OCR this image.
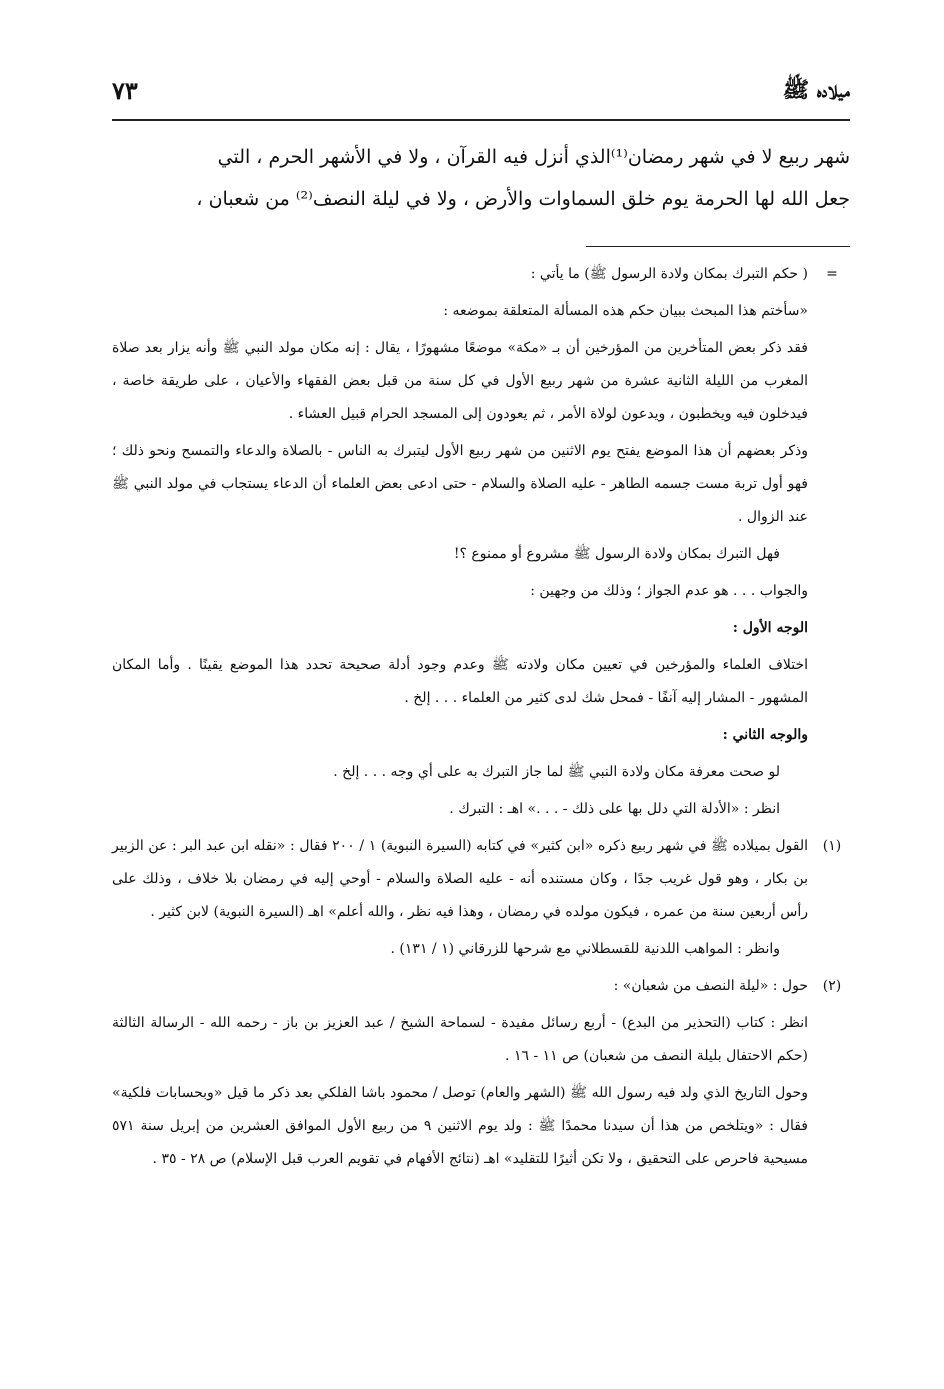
ميلاده ﷺ
٧٣

شهر ربيع لا في شهر رمضان⁽¹⁾الذي أنزل فيه القرآن ، ولا في الأشهر الحرم ، التي

جعل الله لها الحرمة يوم خلق السماوات والأرض ، ولا في ليلة النصف⁽²⁾ من شعبان ،

=

( حكم التبرك بمكان ولادة الرسول ﷺ) ما يأتي :

«سأختم هذا المبحث ببيان حكم هذه المسألة المتعلقة بموضعه :

فقد ذكر بعض المتأخرين من المؤرخين أن بـ «مكة» موضعًا مشهورًا ، يقال : إنه مكان مولد النبي ﷺ وأنه يزار بعد صلاة المغرب من الليلة الثانية عشرة من شهر ربيع الأول في كل سنة من قبل بعض الفقهاء والأعيان ، على طريقة خاصة ، فيدخلون فيه ويخطبون ، ويدعون لولاة الأمر ، ثم يعودون إلى المسجد الحرام قبيل العشاء .

وذكر بعضهم أن هذا الموضع يفتح يوم الاثنين من شهر ربيع الأول ليتبرك به الناس - بالصلاة والدعاء والتمسح ونحو ذلك ؛ فهو أول تربة مست جسمه الطاهر - عليه الصلاة والسلام - حتى ادعى بعض العلماء أن الدعاء يستجاب في مولد النبي ﷺ عند الزوال .

فهل التبرك بمكان ولادة الرسول ﷺ مشروع أو ممنوع ؟!

والجواب . . . هو عدم الجواز ؛ وذلك من وجهين :

الوجه الأول :

اختلاف العلماء والمؤرخين في تعيين مكان ولادته ﷺ وعدم وجود أدلة صحيحة تحدد هذا الموضع يقينًا . وأما المكان المشهور - المشار إليه آنفًا - فمحل شك لدى كثير من العلماء . . . إلخ .

والوجه الثاني :

لو صحت معرفة مكان ولادة النبي ﷺ لما جاز التبرك به على أي وجه . . . إلخ .

انظر : «الأدلة التي دلل بها على ذلك - . . .» اهـ : التبرك .

(١)

القول بميلاده ﷺ في شهر ربيع ذكره «ابن كثير» في كتابه (السيرة النبوية) ١ / ٢٠٠ فقال : «نقله ابن عبد البر : عن الزبير بن بكار ، وهو قول غريب جدًا ، وكان مستنده أنه - عليه الصلاة والسلام - أوحي إليه في رمضان بلا خلاف ، وذلك على رأس أربعين سنة من عمره ، فيكون مولده في رمضان ، وهذا فيه نظر ، والله أعلم» اهـ (السيرة النبوية) لابن كثير .

وانظر : المواهب اللدنية للقسطلاني مع شرحها للزرقاني (١ / ١٣١) .

(٢)

حول : «ليلة النصف من شعبان» :

انظر : كتاب (التحذير من البدع) - أربع رسائل مفيدة - لسماحة الشيخ / عبد العزيز بن باز - رحمه الله - الرسالة الثالثة (حكم الاحتفال بليلة النصف من شعبان) ص ١١ - ١٦ .

وحول التاريخ الذي ولد فيه رسول الله ﷺ (الشهر والعام) توصل / محمود باشا الفلكي بعد ذكر ما قيل «وبحسابات فلكية» فقال : «ويتلخص من هذا أن سيدنا محمدًا ﷺ : ولد يوم الاثنين ٩ من ربيع الأول الموافق العشرين من إبريل سنة ٥٧١ مسيحية فاحرص على التحقيق ، ولا تكن أثيرًا للتقليد» اهـ (نتائج الأفهام في تقويم العرب قبل الإسلام) ص ٢٨ - ٣٥ .
